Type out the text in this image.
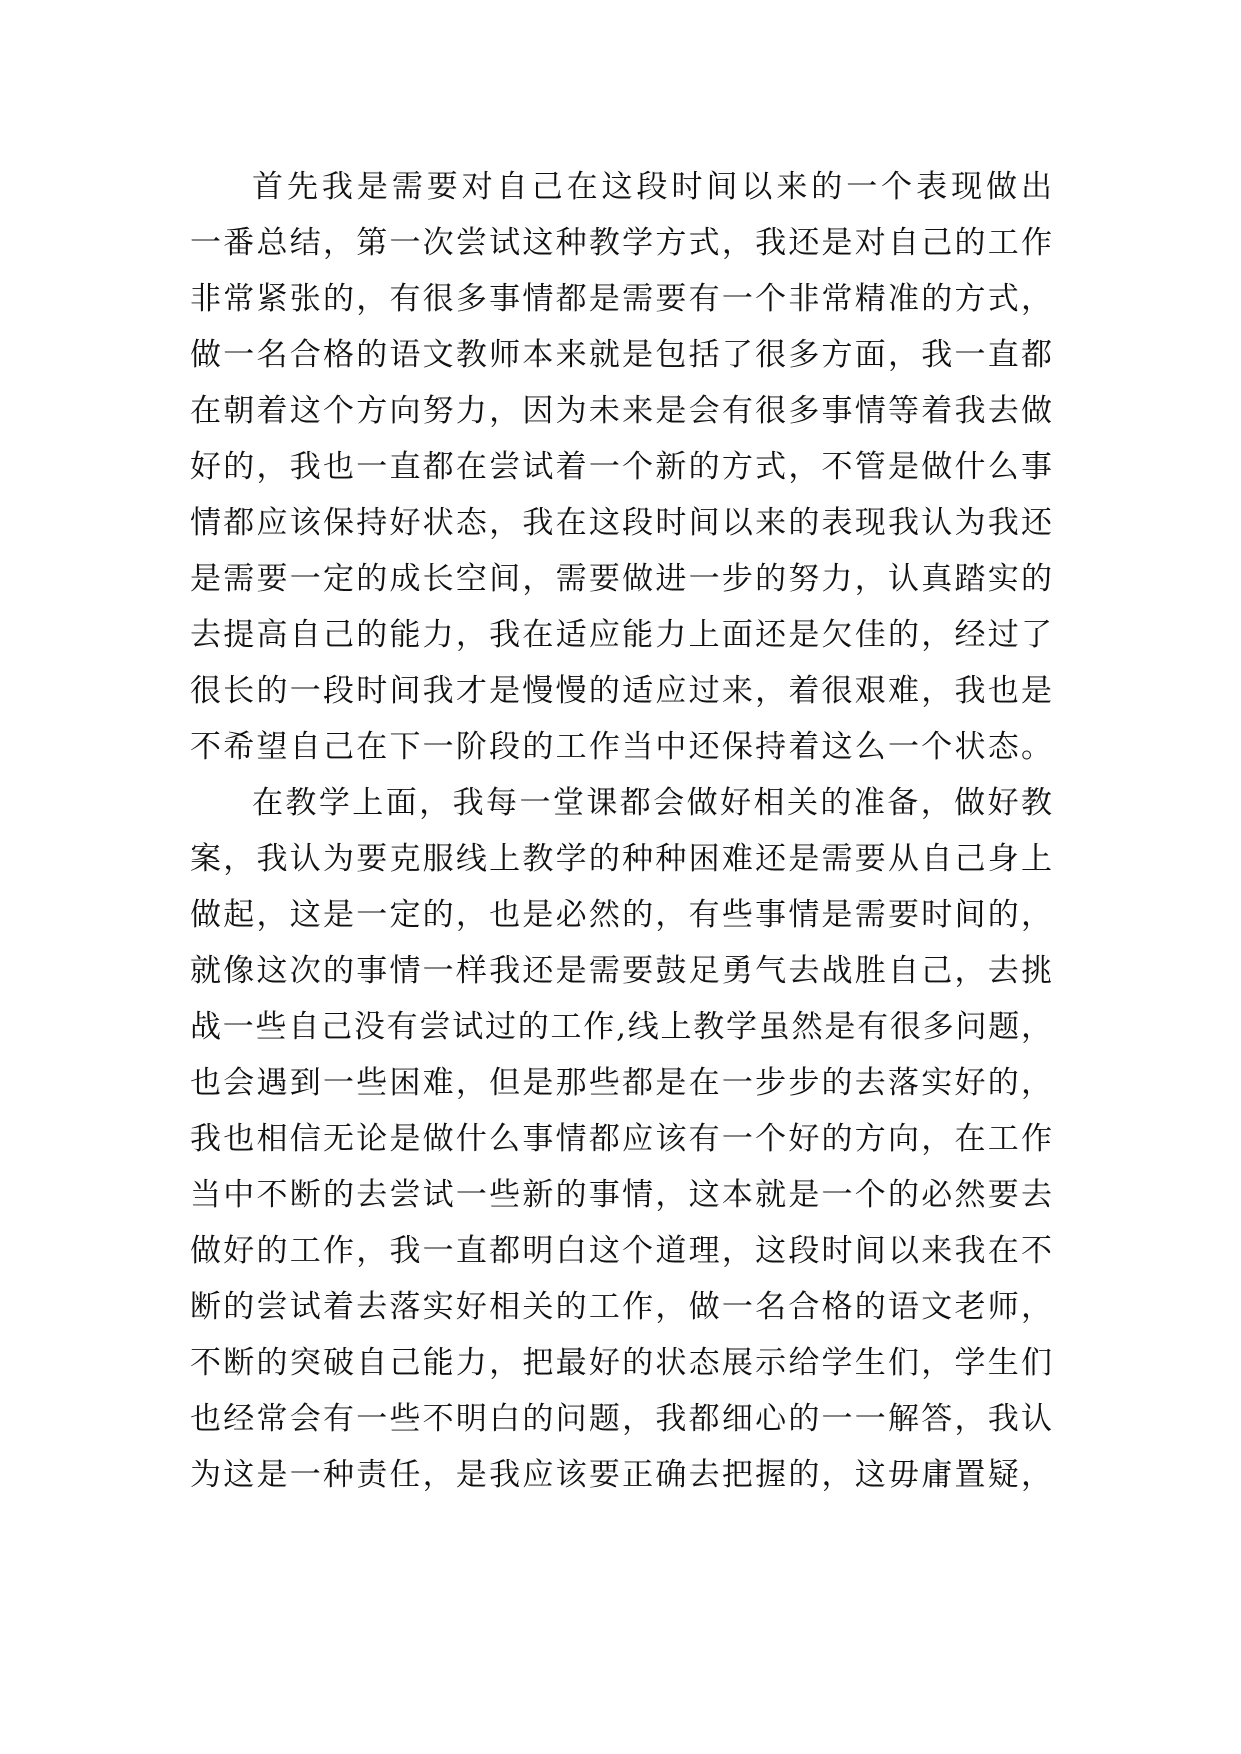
首先我是需要对自己在这段时间以来的一个表现做出
一番总结，第一次尝试这种教学方式，我还是对自己的工作
非常紧张的，有很多事情都是需要有一个非常精准的方式，
做一名合格的语文教师本来就是包括了很多方面，我一直都
在朝着这个方向努力，因为未来是会有很多事情等着我去做
好的，我也一直都在尝试着一个新的方式，不管是做什么事
情都应该保持好状态，我在这段时间以来的表现我认为我还
是需要一定的成长空间，需要做进一步的努力，认真踏实的
去提高自己的能力，我在适应能力上面还是欠佳的，经过了
很长的一段时间我才是慢慢的适应过来，着很艰难，我也是
不希望自己在下一阶段的工作当中还保持着这么一个状态。
在教学上面，我每一堂课都会做好相关的准备，做好教
案，我认为要克服线上教学的种种困难还是需要从自己身上
做起，这是一定的，也是必然的，有些事情是需要时间的，
就像这次的事情一样我还是需要鼓足勇气去战胜自己，去挑
战一些自己没有尝试过的工作,线上教学虽然是有很多问题，
也会遇到一些困难，但是那些都是在一步步的去落实好的，
我也相信无论是做什么事情都应该有一个好的方向，在工作
当中不断的去尝试一些新的事情，这本就是一个的必然要去
做好的工作，我一直都明白这个道理，这段时间以来我在不
断的尝试着去落实好相关的工作，做一名合格的语文老师，
不断的突破自己能力，把最好的状态展示给学生们，学生们
也经常会有一些不明白的问题，我都细心的一一解答，我认
为这是一种责任，是我应该要正确去把握的，这毋庸置疑，
